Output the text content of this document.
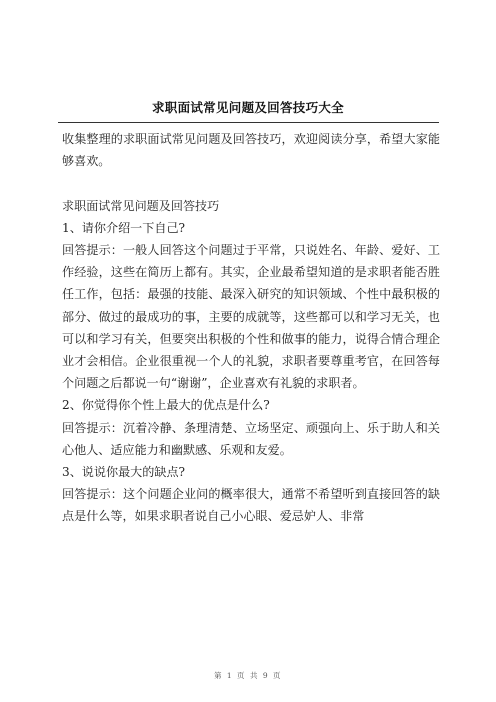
求职面试常见问题及回答技巧大全

收集整理的求职面试常见问题及回答技巧，欢迎阅读分享，希望大家能够喜欢。

求职面试常见问题及回答技巧

1、请你介绍一下自己?

回答提示：一般人回答这个问题过于平常，只说姓名、年龄、爱好、工作经验，这些在简历上都有。其实，企业最希望知道的是求职者能否胜任工作，包括：最强的技能、最深入研究的知识领域、个性中最积极的部分、做过的最成功的事，主要的成就等，这些都可以和学习无关，也可以和学习有关，但要突出积极的个性和做事的能力，说得合情合理企业才会相信。企业很重视一个人的礼貌，求职者要尊重考官，在回答每个问题之后都说一句“谢谢”，企业喜欢有礼貌的求职者。

2、你觉得你个性上最大的优点是什么?

回答提示：沉着冷静、条理清楚、立场坚定、顽强向上、乐于助人和关心他人、适应能力和幽默感、乐观和友爱。

3、说说你最大的缺点?

回答提示：这个问题企业问的概率很大，通常不希望听到直接回答的缺点是什么等，如果求职者说自己小心眼、爱忌妒人、非常

第 1 页 共 9 页
